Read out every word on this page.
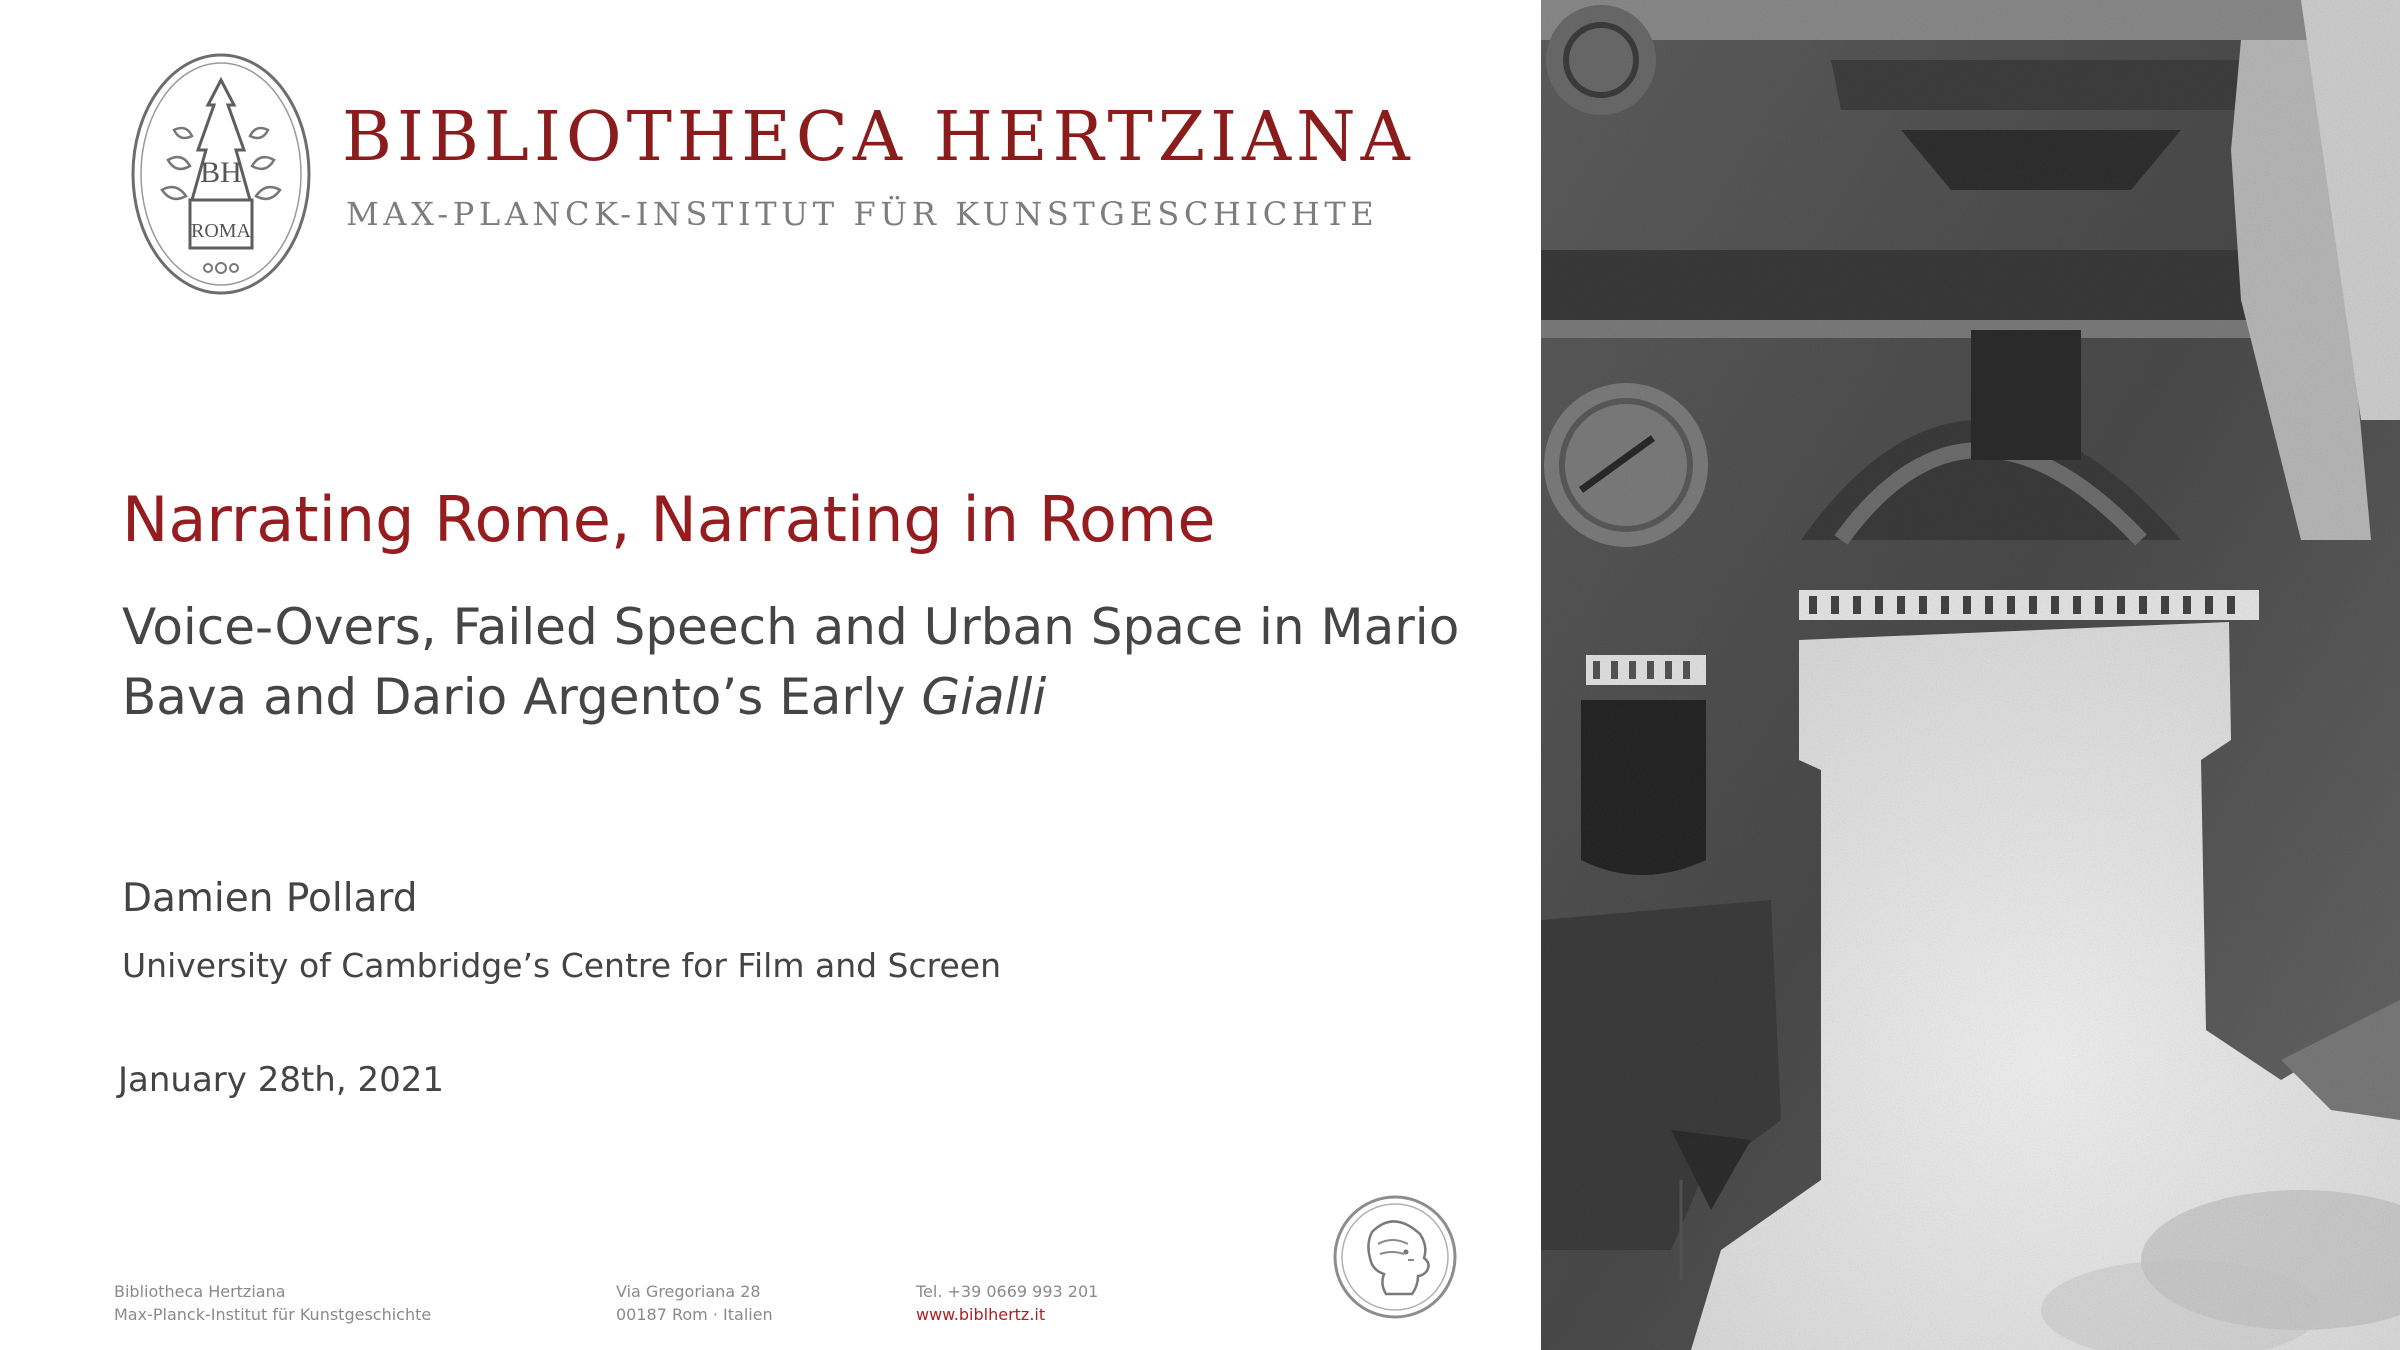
BH
ROMA
BIBLIOTHECA HERTZIANA

MAX-PLANCK-INSTITUT FÜR KUNSTGESCHICHTE

Narrating Rome, Narrating in Rome

Voice-Overs, Failed Speech and Urban Space in Mario Bava and Dario Argento’s Early Gialli

Damien Pollard
University of Cambridge’s Centre for Film and Screen
January 28th, 2021
Bibliotheca Hertziana
Max-Planck-Institut für Kunstgeschichte
Via Gregoriana 28
00187 Rom · Italien
Tel. +39 0669 993 201
www.biblhertz.it
